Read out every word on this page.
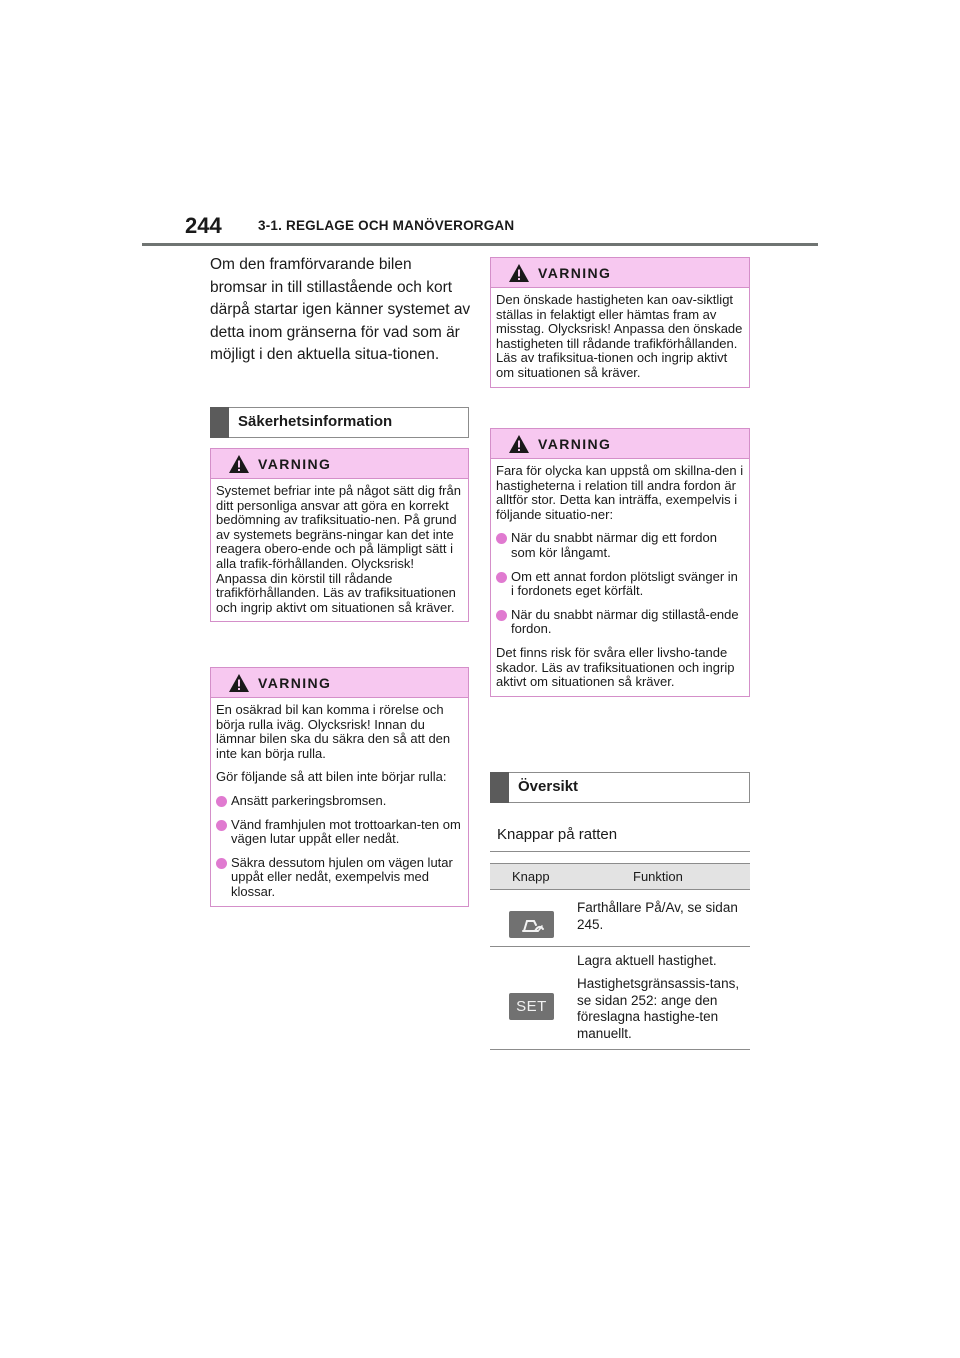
244	3-1. REGLAGE OCH MANÖVERORGAN
Om den framförvarande bilen bromsar in till stillastående och kort därpå startar igen känner systemet av detta inom gränserna för vad som är möjligt i den aktuella situa-tionen.
Säkerhetsinformation
VARNING

Systemet befriar inte på något sätt dig från ditt personliga ansvar att göra en korrekt bedömning av trafiksituatio-nen. På grund av systemets begräns-ningar kan det inte reagera obero-ende och på lämpligt sätt i alla trafik-förhållanden. Olycksrisk! Anpassa din körstil till rådande trafikförhållanden. Läs av trafiksituationen och ingrip aktivt om situationen så kräver.

VARNING

En osäkrad bil kan komma i rörelse och börja rulla iväg. Olycksrisk! Innan du lämnar bilen ska du säkra den så att den inte kan börja rulla.

Gör följande så att bilen inte börjar rulla:

Ansätt parkeringsbromsen.
Vänd framhjulen mot trottoarkan-ten om vägen lutar uppåt eller nedåt.
Säkra dessutom hjulen om vägen lutar uppåt eller nedåt, exempelvis med klossar.
VARNING

Den önskade hastigheten kan oav-siktligt ställas in felaktigt eller hämtas fram av misstag. Olycksrisk! Anpassa den önskade hastigheten till rådande trafikförhållanden. Läs av trafiksitua-tionen och ingrip aktivt om situationen så kräver.

VARNING

Fara för olycka kan uppstå om skillna-den i hastigheterna i relation till andra fordon är alltför stor. Detta kan inträffa, exempelvis i följande situatio-ner:

När du snabbt närmar dig ett fordon som kör långamt.
Om ett annat fordon plötsligt svänger in i fordonets eget körfält.
När du snabbt närmar dig stillastå-ende fordon.

Det finns risk för svåra eller livsho-tande skador. Läs av trafiksituationen och ingrip aktivt om situationen så kräver.

Översikt
Knappar på ratten
Knapp	Funktion
Farthållare På/Av, se sidan 245.
SET
Lagra aktuell hastighet.
Hastighetsgränsassis-tans, se sidan 252: ange den föreslagna hastighe-ten manuellt.
